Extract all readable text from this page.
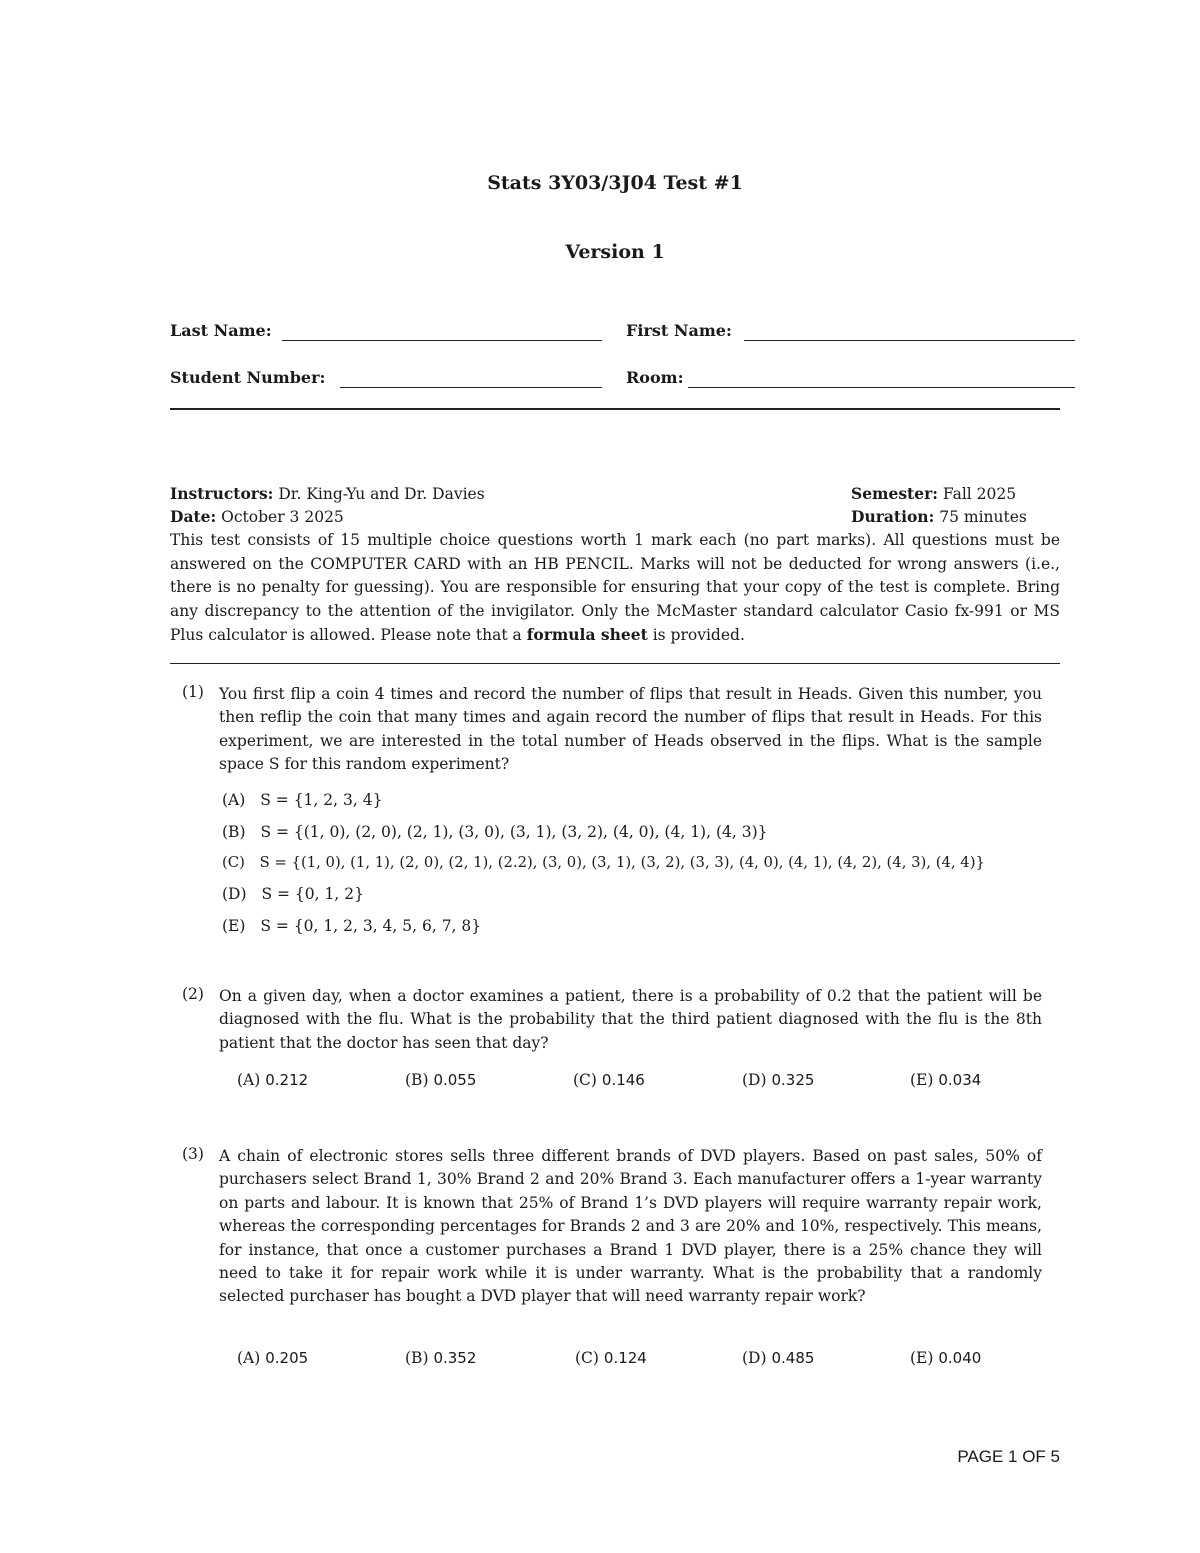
Stats 3Y03/3J04 Test #1
Version 1
Last Name:	First Name:
Student Number:	Room:
Instructors: Dr. King-Yu and Dr. Davies	Semester: Fall 2025
Date: October 3 2025	Duration: 75 minutes
This test consists of 15 multiple choice questions worth 1 mark each (no part marks). All questions must be answered on the COMPUTER CARD with an HB PENCIL. Marks will not be deducted for wrong answers (i.e., there is no penalty for guessing). You are responsible for ensuring that your copy of the test is complete. Bring any discrepancy to the attention of the invigilator. Only the McMaster standard calculator Casio fx-991 or MS Plus calculator is allowed. Please note that a formula sheet is provided.
(1) You first flip a coin 4 times and record the number of flips that result in Heads. Given this number, you then reflip the coin that many times and again record the number of flips that result in Heads. For this experiment, we are interested in the total number of Heads observed in the flips. What is the sample space S for this random experiment?
(A) S = {1, 2, 3, 4}
(B) S = {(1, 0), (2, 0), (2, 1), (3, 0), (3, 1), (3, 2), (4, 0), (4, 1), (4, 3)}
(C) S = {(1, 0), (1, 1), (2, 0), (2, 1), (2.2), (3, 0), (3, 1), (3, 2), (3, 3), (4, 0), (4, 1), (4, 2), (4, 3), (4, 4)}
(D) S = {0, 1, 2}
(E) S = {0, 1, 2, 3, 4, 5, 6, 7, 8}
(2) On a given day, when a doctor examines a patient, there is a probability of 0.2 that the patient will be diagnosed with the flu. What is the probability that the third patient diagnosed with the flu is the 8th patient that the doctor has seen that day?
(A) 0.212	(B) 0.055	(C) 0.146	(D) 0.325	(E) 0.034
(3) A chain of electronic stores sells three different brands of DVD players. Based on past sales, 50% of purchasers select Brand 1, 30% Brand 2 and 20% Brand 3. Each manufacturer offers a 1-year warranty on parts and labour. It is known that 25% of Brand 1’s DVD players will require warranty repair work, whereas the corresponding percentages for Brands 2 and 3 are 20% and 10%, respectively. This means, for instance, that once a customer purchases a Brand 1 DVD player, there is a 25% chance they will need to take it for repair work while it is under warranty. What is the probability that a randomly selected purchaser has bought a DVD player that will need warranty repair work?
(A) 0.205	(B) 0.352	(C) 0.124	(D) 0.485	(E) 0.040
PAGE 1 OF 5
